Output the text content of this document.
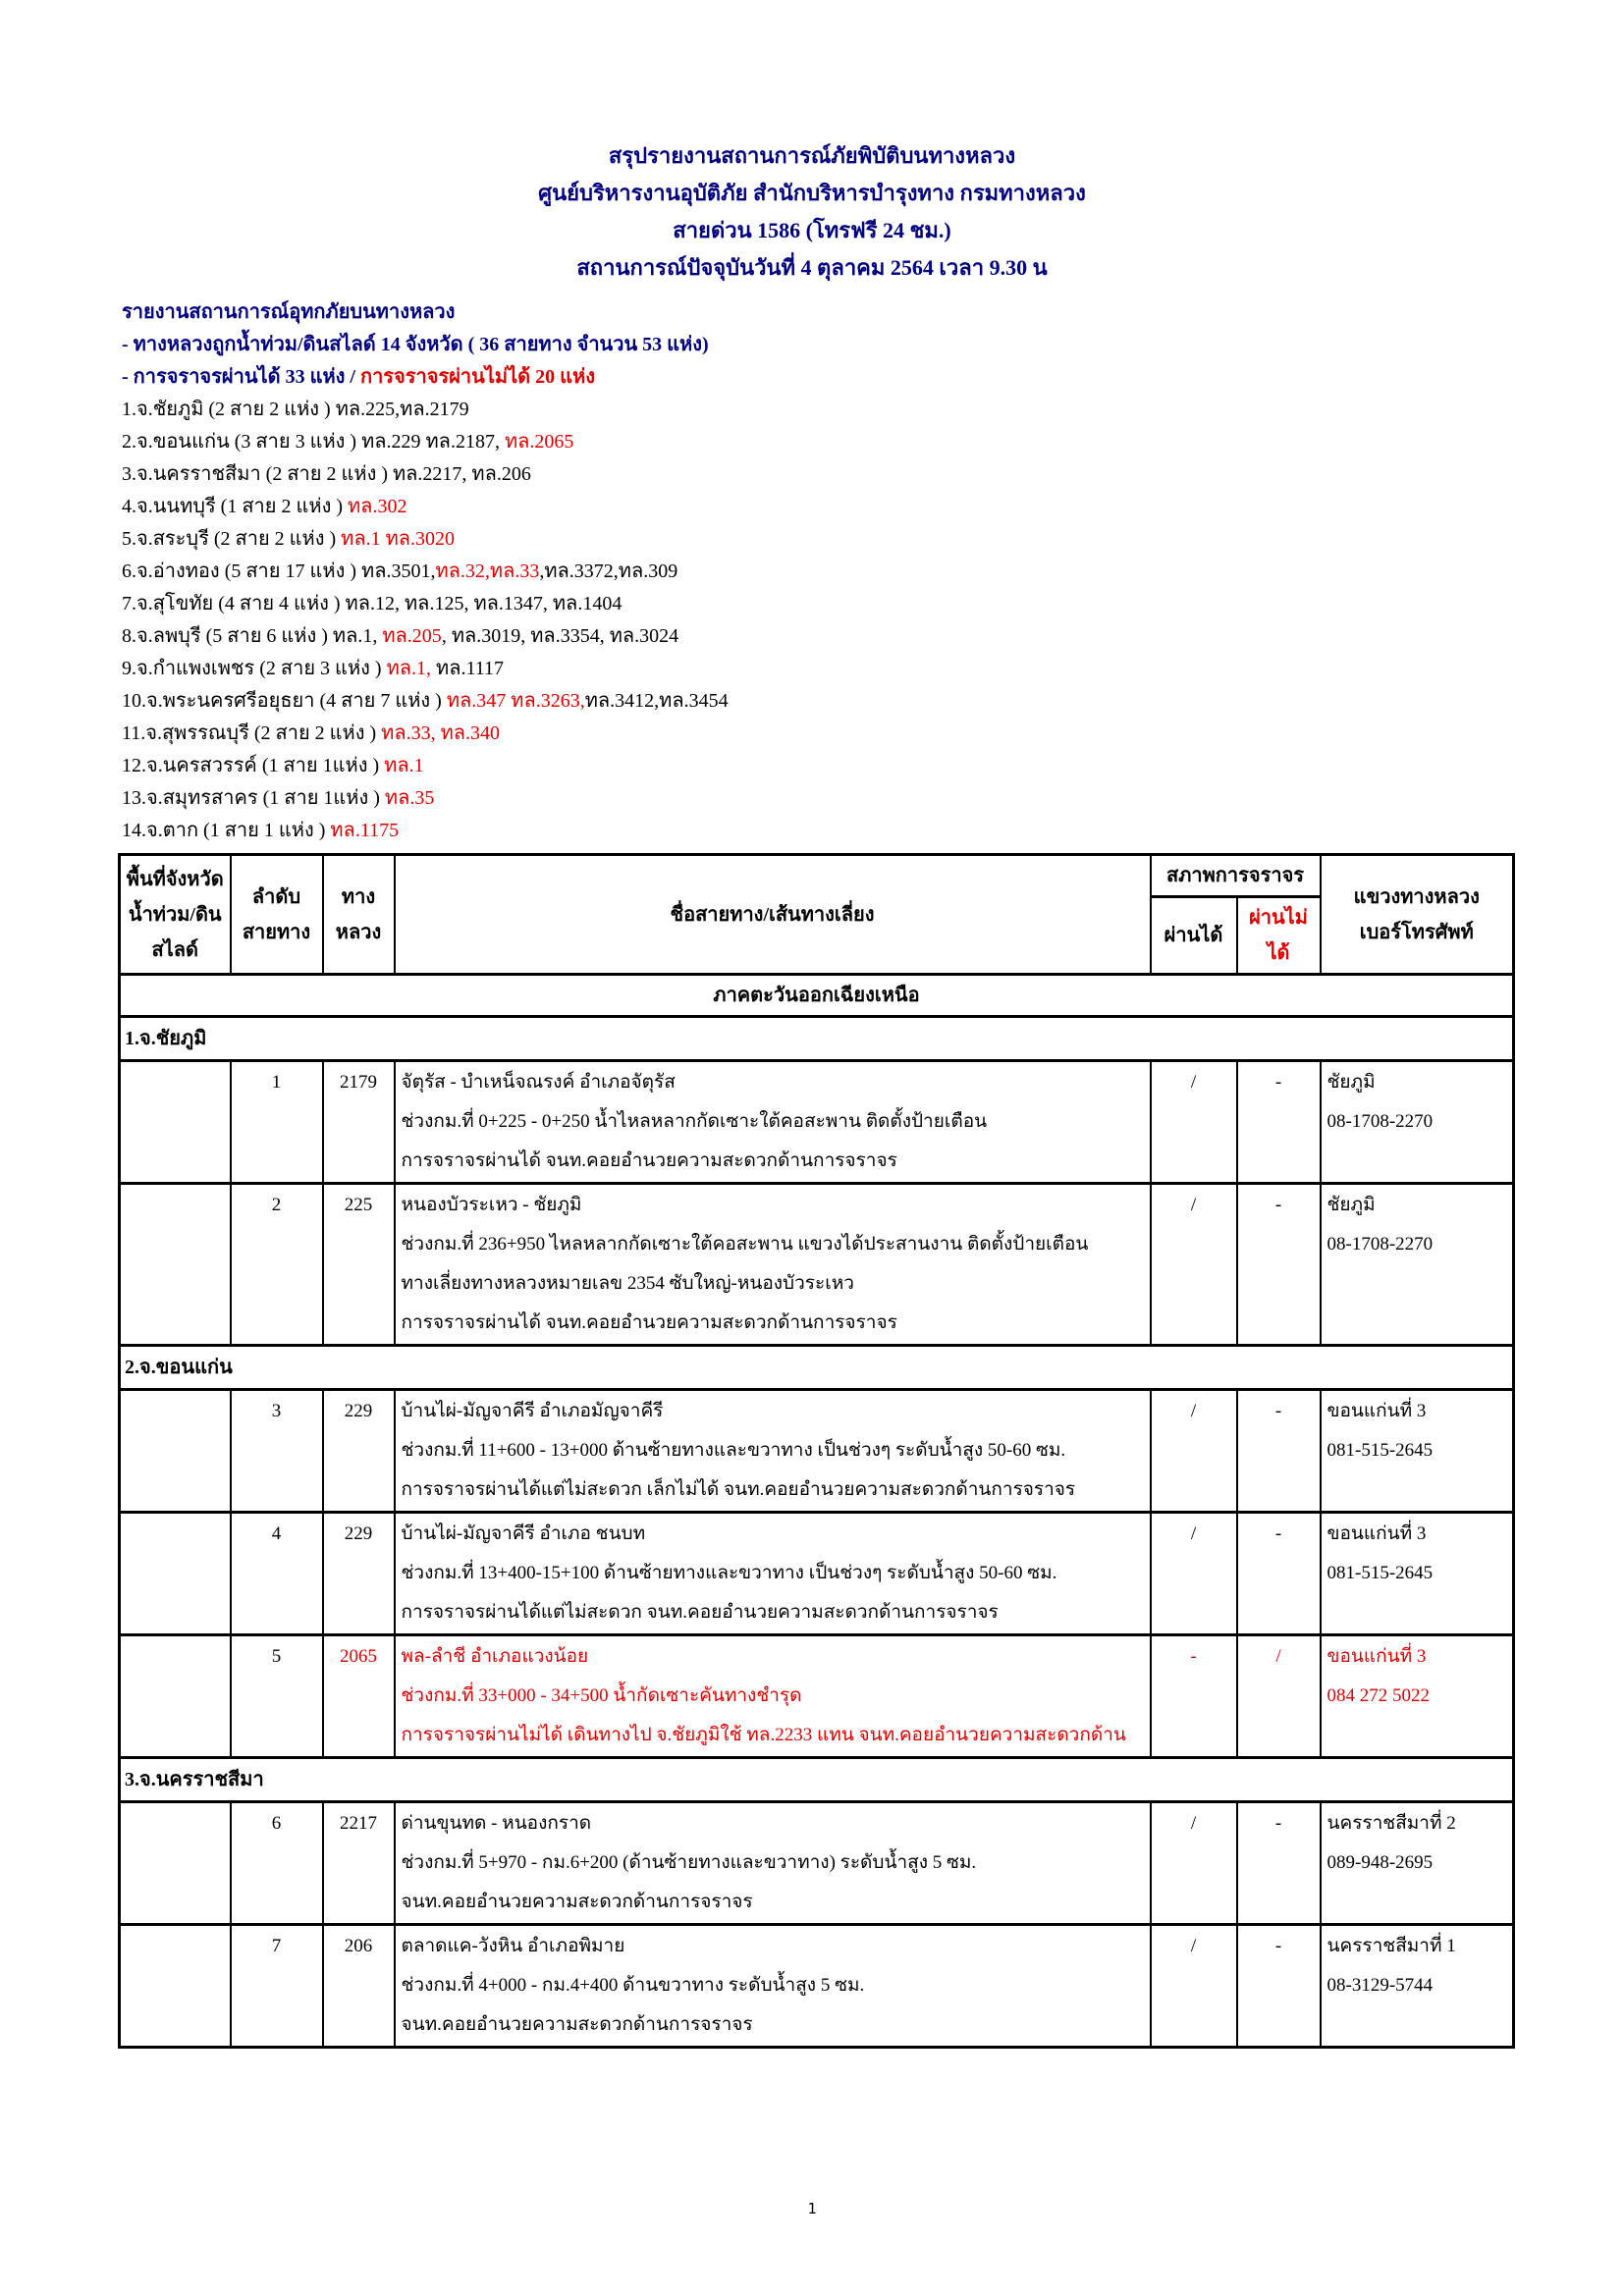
สรุปรายงานสถานการณ์ภัยพิบัติบนทางหลวง
ศูนย์บริหารงานอุบัติภัย สำนักบริหารบำรุงทาง กรมทางหลวง
สายด่วน 1586 (โทรฟรี 24 ชม.)
สถานการณ์ปัจจุบันวันที่ 4 ตุลาคม 2564 เวลา 9.30 น
รายงานสถานการณ์อุทกภัยบนทางหลวง
- ทางหลวงถูกน้ำท่วม/ดินสไลด์ 14 จังหวัด ( 36 สายทาง จำนวน 53 แห่ง)
- การจราจรผ่านได้ 33 แห่ง / การจราจรผ่านไม่ได้ 20 แห่ง
1.จ.ชัยภูมิ (2 สาย 2 แห่ง ) ทล.225,ทล.2179
2.จ.ขอนแก่น (3 สาย 3 แห่ง ) ทล.229 ทล.2187, ทล.2065
3.จ.นครราชสีมา (2 สาย 2 แห่ง ) ทล.2217, ทล.206
4.จ.นนทบุรี (1 สาย 2 แห่ง ) ทล.302
5.จ.สระบุรี (2 สาย 2 แห่ง ) ทล.1 ทล.3020
6.จ.อ่างทอง (5 สาย 17 แห่ง ) ทล.3501,ทล.32,ทล.33,ทล.3372,ทล.309
7.จ.สุโขทัย (4 สาย 4 แห่ง ) ทล.12, ทล.125, ทล.1347, ทล.1404
8.จ.ลพบุรี (5 สาย 6 แห่ง ) ทล.1, ทล.205, ทล.3019, ทล.3354, ทล.3024
9.จ.กำแพงเพชร (2 สาย 3 แห่ง ) ทล.1, ทล.1117
10.จ.พระนครศรีอยุธยา (4 สาย 7 แห่ง ) ทล.347 ทล.3263,ทล.3412,ทล.3454
11.จ.สุพรรณบุรี (2 สาย 2 แห่ง ) ทล.33, ทล.340
12.จ.นครสวรรค์ (1 สาย 1แห่ง ) ทล.1
13.จ.สมุทรสาคร (1 สาย 1แห่ง ) ทล.35
14.จ.ตาก (1 สาย 1 แห่ง ) ทล.1175
พื้นที่จังหวัด
น้ำท่วม/ดินสไลด์

ลำดับ
สายทาง

ทาง
หลวง
	ชื่อสายทาง/เส้นทางเลี่ยง	สภาพการจราจร	
แขวงทางหลวง
เบอร์โทรศัพท์

				ผ่านได้	ผ่านไม่ได้	
ภาคตะวันออกเฉียงเหนือ						
1.จ.ชัยภูมิ						
	1	2179	จัตุรัส - บำเหน็จณรงค์ อำเภอจัตุรัส
ช่วงกม.ที่ 0+225 - 0+250 น้ำไหลหลากกัดเซาะใต้คอสะพาน ติดตั้งป้ายเตือน
การจราจรผ่านได้ จนท.คอยอำนวยความสะดวกด้านการจราจร
	/	-	ชัยภูมิ
08-1708-2270

	2	225	หนองบัวระเหว - ชัยภูมิ
ช่วงกม.ที่ 236+950 ไหลหลากกัดเซาะใต้คอสะพาน แขวงได้ประสานงาน ติดตั้งป้ายเตือน
ทางเลี่ยงทางหลวงหมายเลข 2354 ซับใหญ่-หนองบัวระเหว
การจราจรผ่านได้ จนท.คอยอำนวยความสะดวกด้านการจราจร
	/	-	ชัยภูมิ
08-1708-2270

2.จ.ขอนแก่น						
	3	229	บ้านไผ่-มัญจาคีรี อำเภอมัญจาคีรี
ช่วงกม.ที่ 11+600 - 13+000 ด้านซ้ายทางและขวาทาง เป็นช่วงๆ ระดับน้ำสูง 50-60 ซม.
การจราจรผ่านได้แต่ไม่สะดวก เล็กไม่ได้ จนท.คอยอำนวยความสะดวกด้านการจราจร
	/	-	ขอนแก่นที่ 3
081-515-2645

	4	229	บ้านไผ่-มัญจาคีรี อำเภอ ชนบท
ช่วงกม.ที่ 13+400-15+100 ด้านซ้ายทางและขวาทาง เป็นช่วงๆ ระดับน้ำสูง 50-60 ซม.
การจราจรผ่านได้แต่ไม่สะดวก จนท.คอยอำนวยความสะดวกด้านการจราจร
	/	-	ขอนแก่นที่ 3
081-515-2645

	5	2065	พล-ลำชี อำเภอแวงน้อย
ช่วงกม.ที่ 33+000 - 34+500 น้ำกัดเซาะคันทางชำรุด
การจราจรผ่านไม่ได้ เดินทางไป จ.ชัยภูมิใช้ ทล.2233 แทน จนท.คอยอำนวยความสะดวกด้าน
	-	/	ขอนแก่นที่ 3
084 272 5022

3.จ.นครราชสีมา						
	6	2217	ด่านขุนทด - หนองกราด
ช่วงกม.ที่ 5+970 - กม.6+200 (ด้านซ้ายทางและขวาทาง) ระดับน้ำสูง 5 ซม.
จนท.คอยอำนวยความสะดวกด้านการจราจร
	/	-	นครราชสีมาที่ 2
089-948-2695

	7	206	ตลาดแค-วังหิน อำเภอพิมาย
ช่วงกม.ที่ 4+000 - กม.4+400 ด้านขวาทาง ระดับน้ำสูง 5 ซม.
จนท.คอยอำนวยความสะดวกด้านการจราจร
	/	-	นครราชสีมาที่ 1
08-3129-5744
1
